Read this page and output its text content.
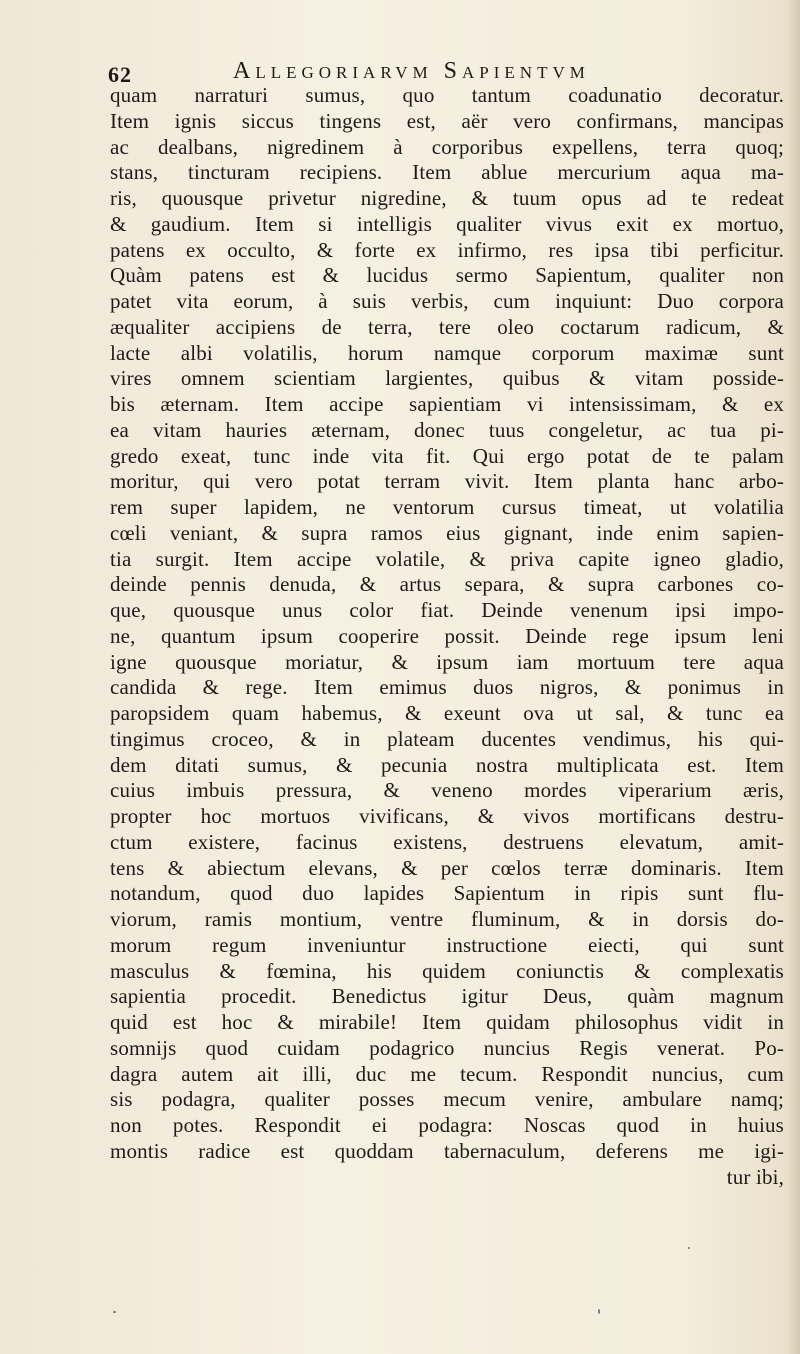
62	Allegoriarvm Sapientvm
quam narraturi sumus, quo tantum coadunatio decoratur.
Item ignis siccus tingens est, aër vero confirmans, mancipas
ac dealbans, nigredinem à corporibus expellens, terra quoq;
stans, tincturam recipiens. Item ablue mercurium aqua ma-
ris, quousque privetur nigredine, & tuum opus ad te redeat
& gaudium. Item si intelligis qualiter vivus exit ex mortuo,
patens ex occulto, & forte ex infirmo, res ipsa tibi perficitur.
Quàm patens est & lucidus sermo Sapientum, qualiter non
patet vita eorum, à suis verbis, cum inquiunt: Duo corpora
æqualiter accipiens de terra, tere oleo coctarum radicum, &
lacte albi volatilis, horum namque corporum maximæ sunt
vires omnem scientiam largientes, quibus & vitam posside-
bis æternam. Item accipe sapientiam vi intensissimam, & ex
ea vitam hauries æternam, donec tuus congeletur, ac tua pi-
gredo exeat, tunc inde vita fit. Qui ergo potat de te palam
moritur, qui vero potat terram vivit. Item planta hanc arbo-
rem super lapidem, ne ventorum cursus timeat, ut volatilia
cœli veniant, & supra ramos eius gignant, inde enim sapien-
tia surgit. Item accipe volatile, & priva capite igneo gladio,
deinde pennis denuda, & artus separa, & supra carbones co-
que, quousque unus color fiat. Deinde venenum ipsi impo-
ne, quantum ipsum cooperire possit. Deinde rege ipsum leni
igne quousque moriatur, & ipsum iam mortuum tere aqua
candida & rege. Item emimus duos nigros, & ponimus in
paropsidem quam habemus, & exeunt ova ut sal, & tunc ea
tingimus croceo, & in plateam ducentes vendimus, his qui-
dem ditati sumus, & pecunia nostra multiplicata est. Item
cuius imbuis pressura, & veneno mordes viperarium æris,
propter hoc mortuos vivificans, & vivos mortificans destru-
ctum existere, facinus existens, destruens elevatum, amit-
tens & abiectum elevans, & per cœlos terræ dominaris. Item
notandum, quod duo lapides Sapientum in ripis sunt flu-
viorum, ramis montium, ventre fluminum, & in dorsis do-
morum regum inveniuntur instructione eiecti, qui sunt
masculus & fœmina, his quidem coniunctis & complexatis
sapientia procedit. Benedictus igitur Deus, quàm magnum
quid est hoc & mirabile! Item quidam philosophus vidit in
somnijs quod cuidam podagrico nuncius Regis venerat. Po-
dagra autem ait illi, duc me tecum. Respondit nuncius, cum
sis podagra, qualiter posses mecum venire, ambulare namq;
non potes. Respondit ei podagra: Noscas quod in huius
montis radice est quoddam tabernaculum, deferens me igi-
tur ibi,
